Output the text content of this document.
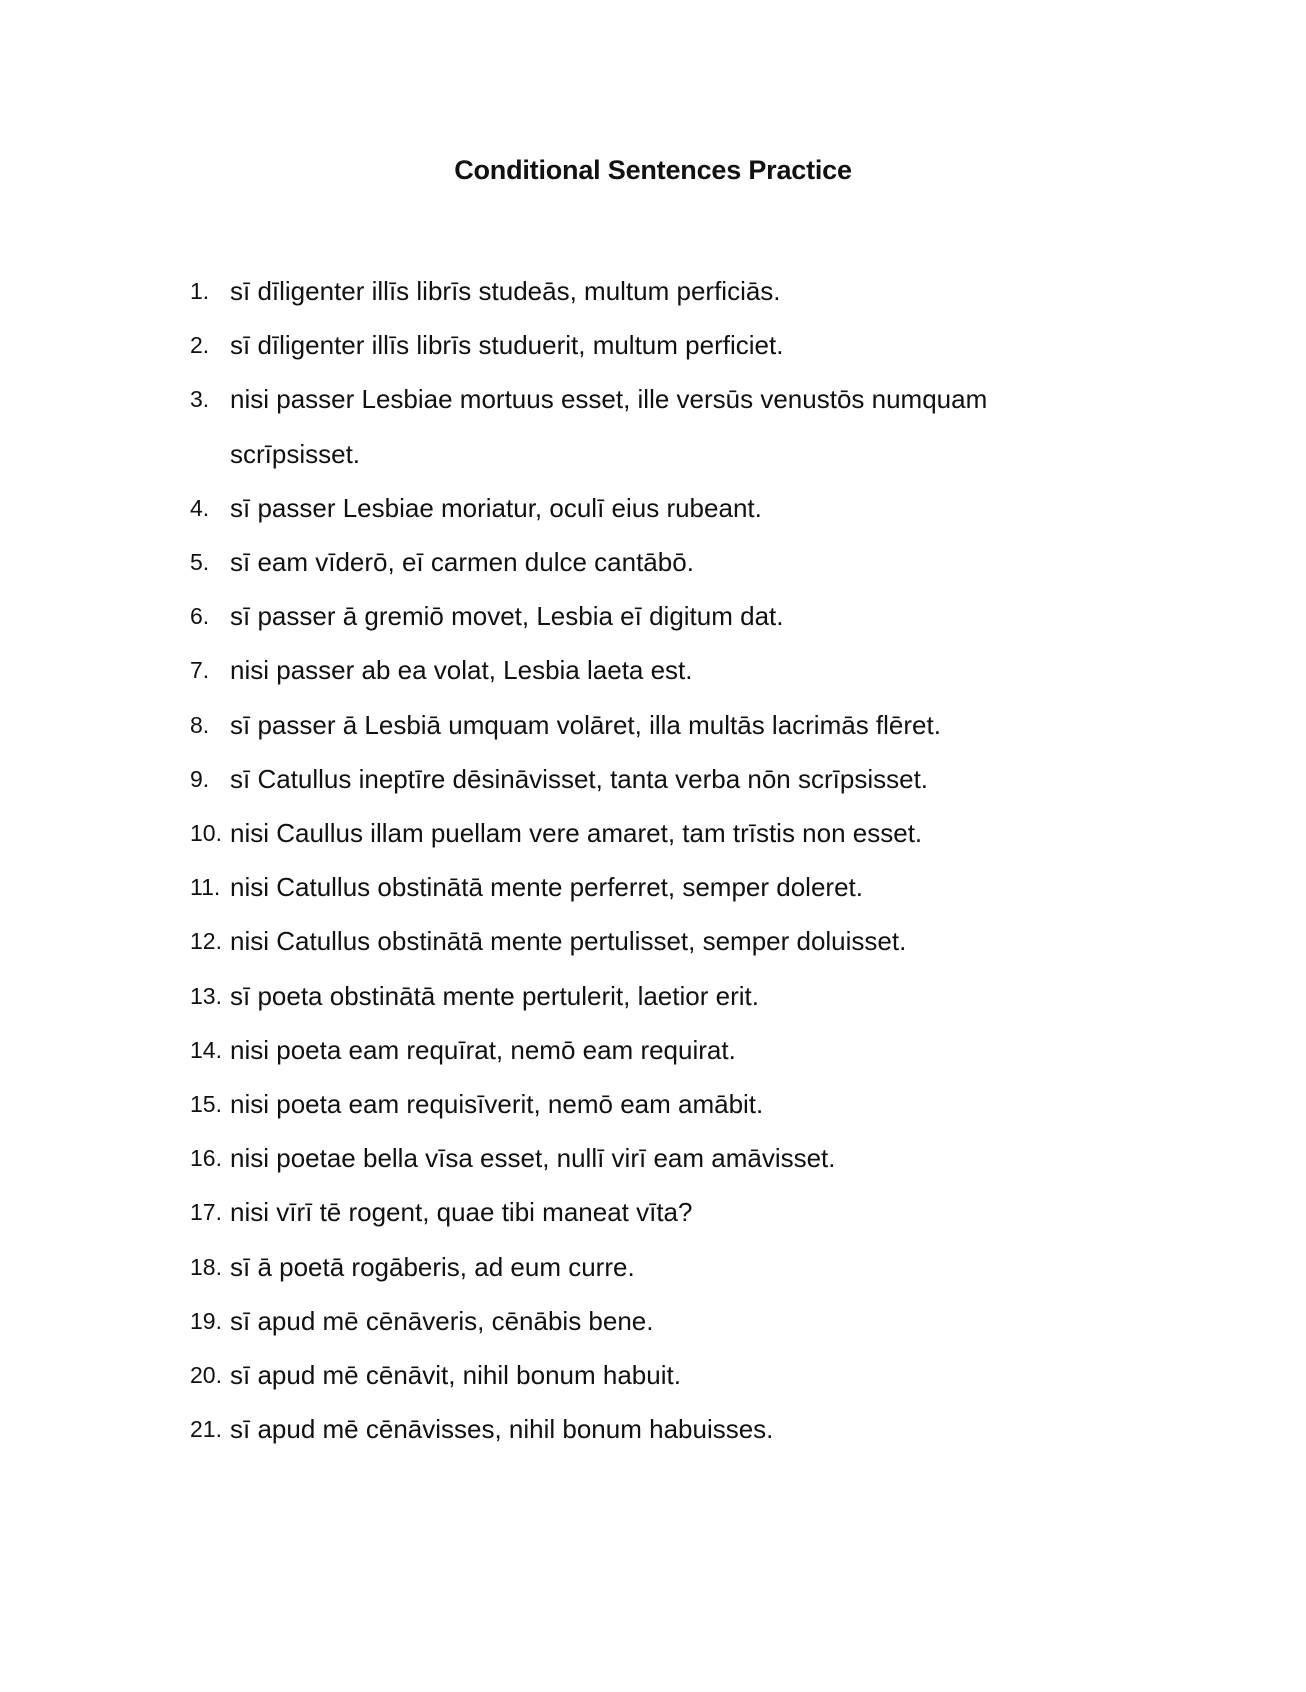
Conditional Sentences Practice
1. sī dīligenter illīs librīs studeās, multum perficiās.
2. sī dīligenter illīs librīs studuerit, multum perficiet.
3. nisi passer Lesbiae mortuus esset, ille versūs venustōs numquam scrīpsisset.
4. sī passer Lesbiae moriatur, oculī eius rubeant.
5. sī eam vīderō, eī carmen dulce cantābō.
6. sī passer ā gremiō movet, Lesbia eī digitum dat.
7. nisi passer ab ea volat, Lesbia laeta est.
8. sī passer ā Lesbiā umquam volāret, illa multās lacrimās flēret.
9. sī Catullus ineptīre dēsināvisset, tanta verba nōn scrīpsisset.
10. nisi Caullus illam puellam vere amaret, tam trīstis non esset.
11. nisi Catullus obstinātā mente perferret, semper doleret.
12. nisi Catullus obstinātā mente pertulisset, semper doluisset.
13. sī poeta obstinātā mente pertulerit, laetior erit.
14. nisi poeta eam requīrat, nemō eam requirat.
15. nisi poeta eam requisīverit, nemō eam amābit.
16. nisi poetae bella vīsa esset, nullī virī eam amāvisset.
17. nisi vīrī tē rogent, quae tibi maneat vīta?
18. sī ā poetā rogāberis, ad eum curre.
19. sī apud mē cēnāveris, cēnābis bene.
20. sī apud mē cēnāvit, nihil bonum habuit.
21. sī apud mē cēnāvisses, nihil bonum habuisses.
